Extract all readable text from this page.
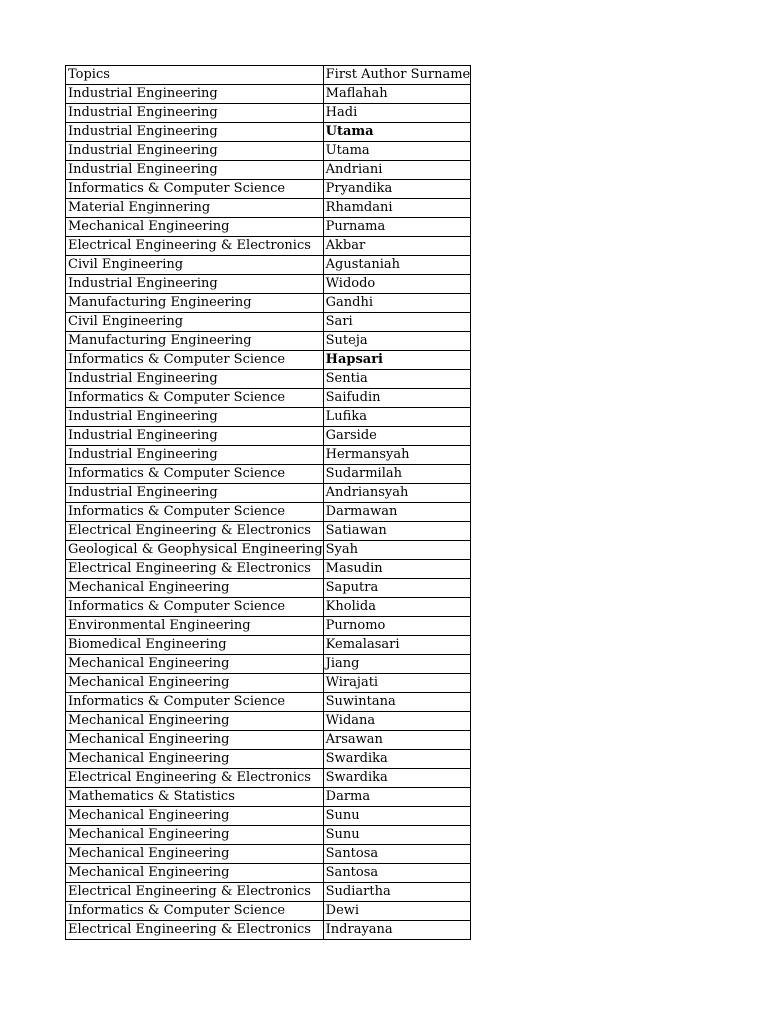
Topics	First Author Surname
Industrial Engineering	Maflahah
Industrial Engineering	Hadi
Industrial Engineering	Utama
Industrial Engineering	Utama
Industrial Engineering	Andriani
Informatics & Computer Science	Pryandika
Material Enginnering	Rhamdani
Mechanical Engineering	Purnama
Electrical Engineering & Electronics	Akbar
Civil Engineering	Agustaniah
Industrial Engineering	Widodo
Manufacturing Engineering	Gandhi
Civil Engineering	Sari
Manufacturing Engineering	Suteja
Informatics & Computer Science	Hapsari
Industrial Engineering	Sentia
Informatics & Computer Science	Saifudin
Industrial Engineering	Lufika
Industrial Engineering	Garside
Industrial Engineering	Hermansyah
Informatics & Computer Science	Sudarmilah
Industrial Engineering	Andriansyah
Informatics & Computer Science	Darmawan
Electrical Engineering & Electronics	Satiawan
Geological & Geophysical Engineering	Syah
Electrical Engineering & Electronics	Masudin
Mechanical Engineering	Saputra
Informatics & Computer Science	Kholida
Environmental Engineering	Purnomo
Biomedical Engineering	Kemalasari
Mechanical Engineering	Jiang
Mechanical Engineering	Wirajati
Informatics & Computer Science	Suwintana
Mechanical Engineering	Widana
Mechanical Engineering	Arsawan
Mechanical Engineering	Swardika
Electrical Engineering & Electronics	Swardika
Mathematics & Statistics	Darma
Mechanical Engineering	Sunu
Mechanical Engineering	Sunu
Mechanical Engineering	Santosa
Mechanical Engineering	Santosa
Electrical Engineering & Electronics	Sudiartha
Informatics & Computer Science	Dewi
Electrical Engineering & Electronics	Indrayana
